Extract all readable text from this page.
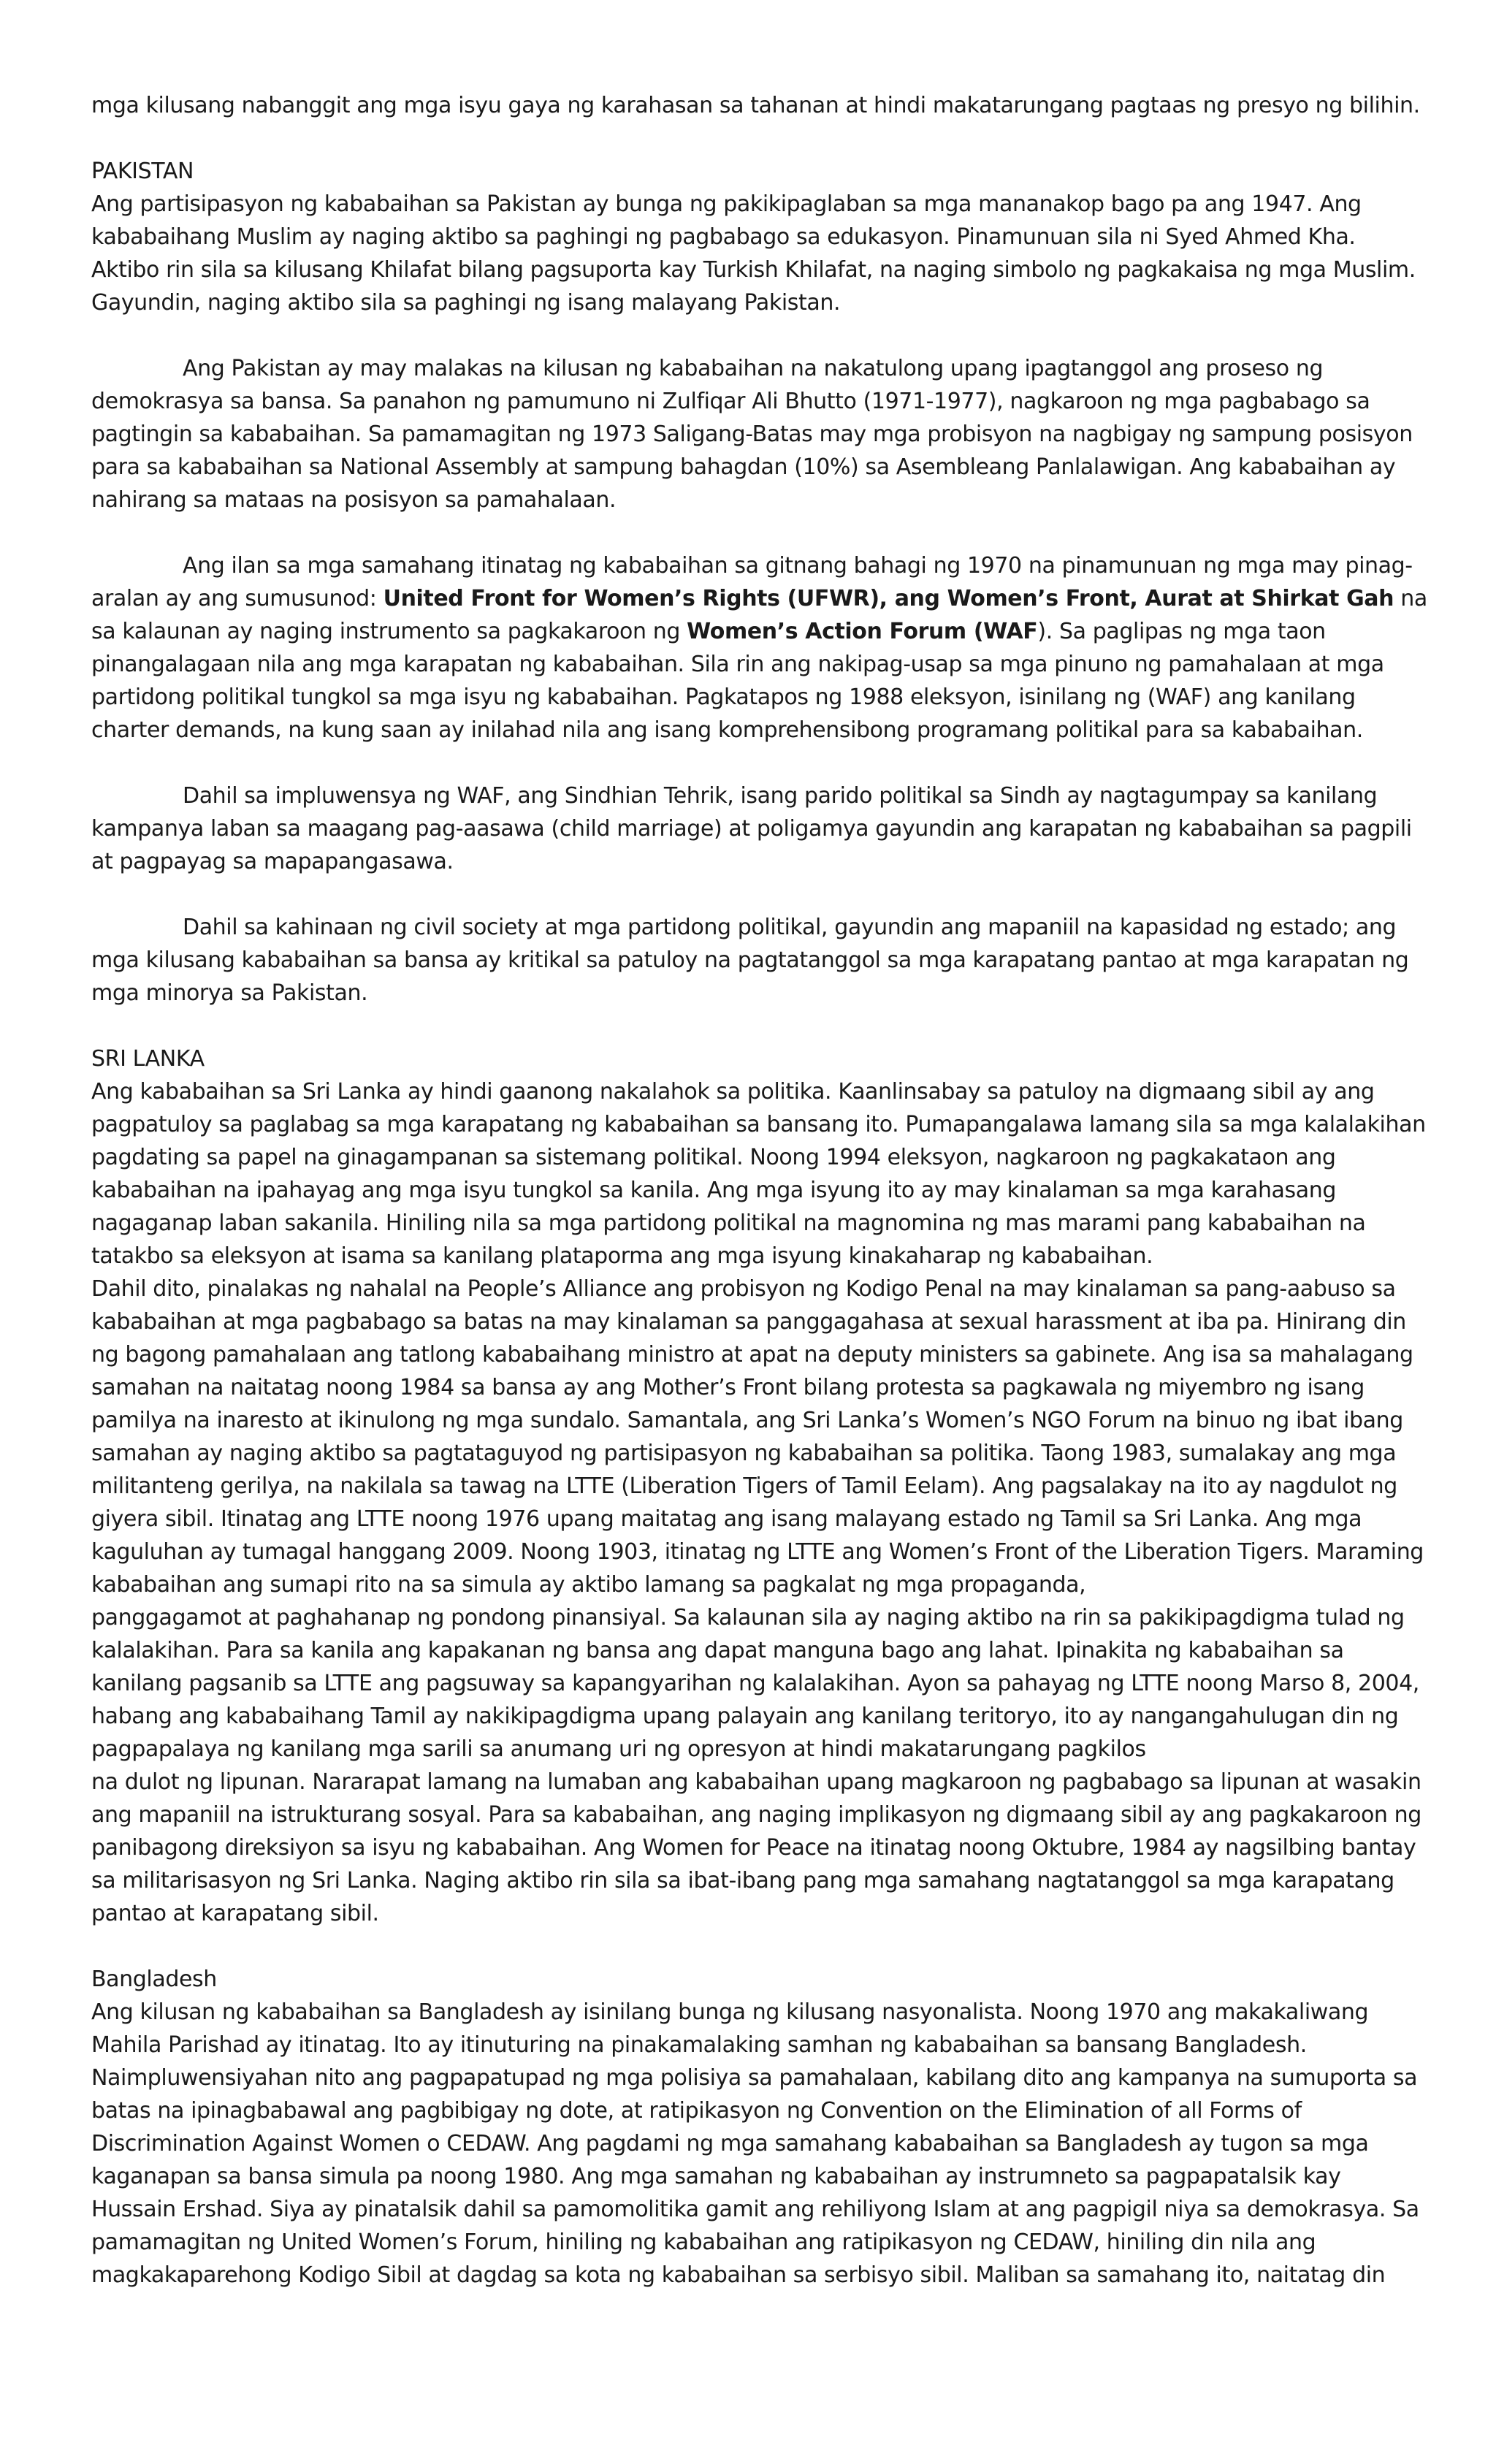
mga kilusang nabanggit ang mga isyu gaya ng karahasan sa tahanan at hindi makatarungang pagtaas ng presyo ng bilihin.

PAKISTAN

Ang partisipasyon ng kababaihan sa Pakistan ay bunga ng pakikipaglaban sa mga mananakop bago pa ang 1947. Ang kababaihang Muslim ay naging aktibo sa paghingi ng pagbabago sa edukasyon. Pinamunuan sila ni Syed Ahmed Kha. Aktibo rin sila sa kilusang Khilafat bilang pagsuporta kay Turkish Khilafat, na naging simbolo ng pagkakaisa ng mga Muslim. Gayundin, naging aktibo sila sa paghingi ng isang malayang Pakistan.

Ang Pakistan ay may malakas na kilusan ng kababaihan na nakatulong upang ipagtanggol ang proseso ng demokrasya sa bansa. Sa panahon ng pamumuno ni Zulfiqar Ali Bhutto (1971-1977), nagkaroon ng mga pagbabago sa pagtingin sa kababaihan. Sa pamamagitan ng 1973 Saligang-Batas may mga probisyon na nagbigay ng sampung posisyon para sa kababaihan sa National Assembly at sampung bahagdan (10%) sa Asembleang Panlalawigan. Ang kababaihan ay nahirang sa mataas na posisyon sa pamahalaan.

Ang ilan sa mga samahang itinatag ng kababaihan sa gitnang bahagi ng 1970 na pinamunuan ng mga may pinag-aralan ay ang sumusunod: United Front for Women’s Rights (UFWR), ang Women’s Front, Aurat at Shirkat Gah na sa kalaunan ay naging instrumento sa pagkakaroon ng Women’s Action Forum (WAF). Sa paglipas ng mga taon pinangalagaan nila ang mga karapatan ng kababaihan. Sila rin ang nakipag-usap sa mga pinuno ng pamahalaan at mga partidong politikal tungkol sa mga isyu ng kababaihan. Pagkatapos ng 1988 eleksyon, isinilang ng (WAF) ang kanilang charter demands, na kung saan ay inilahad nila ang isang komprehensibong programang politikal para sa kababaihan.

Dahil sa impluwensya ng WAF, ang Sindhian Tehrik, isang parido politikal sa Sindh ay nagtagumpay sa kanilang kampanya laban sa maagang pag-aasawa (child marriage) at poligamya gayundin ang karapatan ng kababaihan sa pagpili at pagpayag sa mapapangasawa.

Dahil sa kahinaan ng civil society at mga partidong politikal, gayundin ang mapaniil na kapasidad ng estado; ang mga kilusang kababaihan sa bansa ay kritikal sa patuloy na pagtatanggol sa mga karapatang pantao at mga karapatan ng mga minorya sa Pakistan.

SRI LANKA

Ang kababaihan sa Sri Lanka ay hindi gaanong nakalahok sa politika. Kaanlinsabay sa patuloy na digmaang sibil ay ang pagpatuloy sa paglabag sa mga karapatang ng kababaihan sa bansang ito. Pumapangalawa lamang sila sa mga kalalakihan pagdating sa papel na ginagampanan sa sistemang politikal. Noong 1994 eleksyon, nagkaroon ng pagkakataon ang kababaihan na ipahayag ang mga isyu tungkol sa kanila. Ang mga isyung ito ay may kinalaman sa mga karahasang nagaganap laban sakanila. Hiniling nila sa mga partidong politikal na magnomina ng mas marami pang kababaihan na tatakbo sa eleksyon at isama sa kanilang plataporma ang mga isyung kinakaharap ng kababaihan.

Dahil dito, pinalakas ng nahalal na People’s Alliance ang probisyon ng Kodigo Penal na may kinalaman sa pang-aabuso sa kababaihan at mga pagbabago sa batas na may kinalaman sa panggagahasa at sexual harassment at iba pa. Hinirang din ng bagong pamahalaan ang tatlong kababaihang ministro at apat na deputy ministers sa gabinete. Ang isa sa mahalagang samahan na naitatag noong 1984 sa bansa ay ang Mother’s Front bilang protesta sa pagkawala ng miyembro ng isang pamilya na inaresto at ikinulong ng mga sundalo. Samantala, ang Sri Lanka’s Women’s NGO Forum na binuo ng ibat ibang samahan ay naging aktibo sa pagtataguyod ng partisipasyon ng kababaihan sa politika. Taong 1983, sumalakay ang mga militanteng gerilya, na nakilala sa tawag na LTTE (Liberation Tigers of Tamil Eelam). Ang pagsalakay na ito ay nagdulot ng giyera sibil. Itinatag ang LTTE noong 1976 upang maitatag ang isang malayang estado ng Tamil sa Sri Lanka. Ang mga kaguluhan ay tumagal hanggang 2009. Noong 1903, itinatag ng LTTE ang Women’s Front of the Liberation Tigers. Maraming kababaihan ang sumapi rito na sa simula ay aktibo lamang sa pagkalat ng mga propaganda,

panggagamot at paghahanap ng pondong pinansiyal. Sa kalaunan sila ay naging aktibo na rin sa pakikipagdigma tulad ng kalalakihan. Para sa kanila ang kapakanan ng bansa ang dapat manguna bago ang lahat. Ipinakita ng kababaihan sa kanilang pagsanib sa LTTE ang pagsuway sa kapangyarihan ng kalalakihan. Ayon sa pahayag ng LTTE noong Marso 8, 2004, habang ang kababaihang Tamil ay nakikipagdigma upang palayain ang kanilang teritoryo, ito ay nangangahulugan din ng pagpapalaya ng kanilang mga sarili sa anumang uri ng opresyon at hindi makatarungang pagkilos

na dulot ng lipunan. Nararapat lamang na lumaban ang kababaihan upang magkaroon ng pagbabago sa lipunan at wasakin ang mapaniil na istrukturang sosyal. Para sa kababaihan, ang naging implikasyon ng digmaang sibil ay ang pagkakaroon ng panibagong direksiyon sa isyu ng kababaihan. Ang Women for Peace na itinatag noong Oktubre, 1984 ay nagsilbing bantay sa militarisasyon ng Sri Lanka. Naging aktibo rin sila sa ibat-ibang pang mga samahang nagtatanggol sa mga karapatang pantao at karapatang sibil.

Bangladesh

Ang kilusan ng kababaihan sa Bangladesh ay isinilang bunga ng kilusang nasyonalista. Noong 1970 ang makakaliwang Mahila Parishad ay itinatag. Ito ay itinuturing na pinakamalaking samhan ng kababaihan sa bansang Bangladesh. Naimpluwensiyahan nito ang pagpapatupad ng mga polisiya sa pamahalaan, kabilang dito ang kampanya na sumuporta sa batas na ipinagbabawal ang pagbibigay ng dote, at ratipikasyon ng Convention on the Elimination of all Forms of Discrimination Against Women o CEDAW. Ang pagdami ng mga samahang kababaihan sa Bangladesh ay tugon sa mga kaganapan sa bansa simula pa noong 1980. Ang mga samahan ng kababaihan ay instrumneto sa pagpapatalsik kay Hussain Ershad. Siya ay pinatalsik dahil sa pamomolitika gamit ang rehiliyong Islam at ang pagpigil niya sa demokrasya. Sa pamamagitan ng United Women’s Forum, hiniling ng kababaihan ang ratipikasyon ng CEDAW, hiniling din nila ang magkakaparehong Kodigo Sibil at dagdag sa kota ng kababaihan sa serbisyo sibil. Maliban sa samahang ito, naitatag din
